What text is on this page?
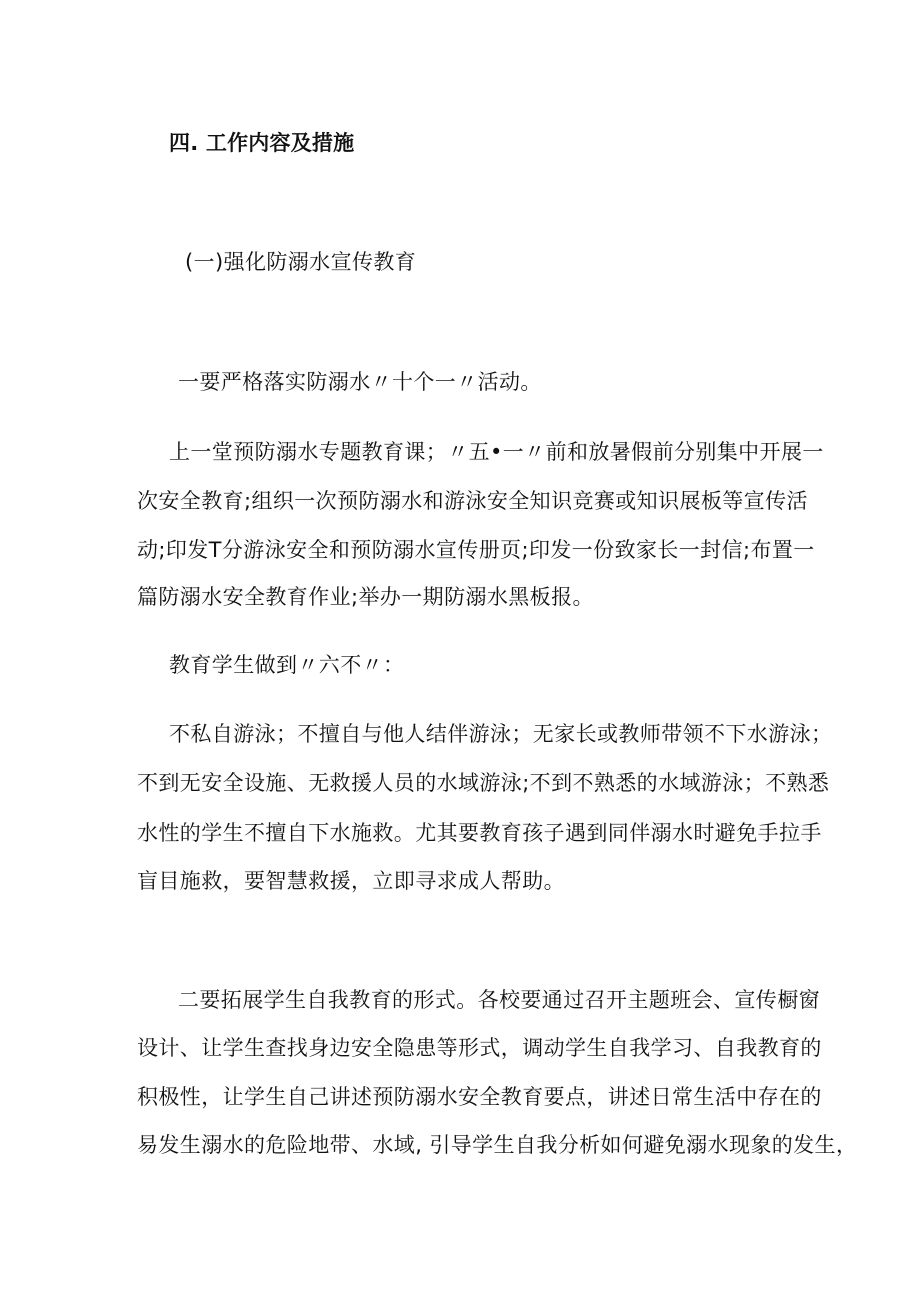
四. 工作内容及措施
(一)强化防溺水宣传教育
一要严格落实防溺水〃十个一〃活动。
上一堂预防溺水专题教育课；〃五•一〃前和放暑假前分别集中开展一
次安全教育;组织一次预防溺水和游泳安全知识竞赛或知识展板等宣传活
动;印发T分游泳安全和预防溺水宣传册页;印发一份致家长一封信;布置一
篇防溺水安全教育作业;举办一期防溺水黑板报。
教育学生做到〃六不〃：
不私自游泳；不擅自与他人结伴游泳；无家长或教师带领不下水游泳；
不到无安全设施、无救援人员的水域游泳;不到不熟悉的水域游泳；不熟悉
水性的学生不擅自下水施救。尤其要教育孩子遇到同伴溺水时避免手拉手
盲目施救，要智慧救援，立即寻求成人帮助。
二要拓展学生自我教育的形式。各校要通过召开主题班会、宣传橱窗
设计、让学生查找身边安全隐患等形式，调动学生自我学习、自我教育的
积极性，让学生自己讲述预防溺水安全教育要点，讲述日常生活中存在的
易发生溺水的危险地带、水域, 引导学生自我分析如何避免溺水现象的发生，
